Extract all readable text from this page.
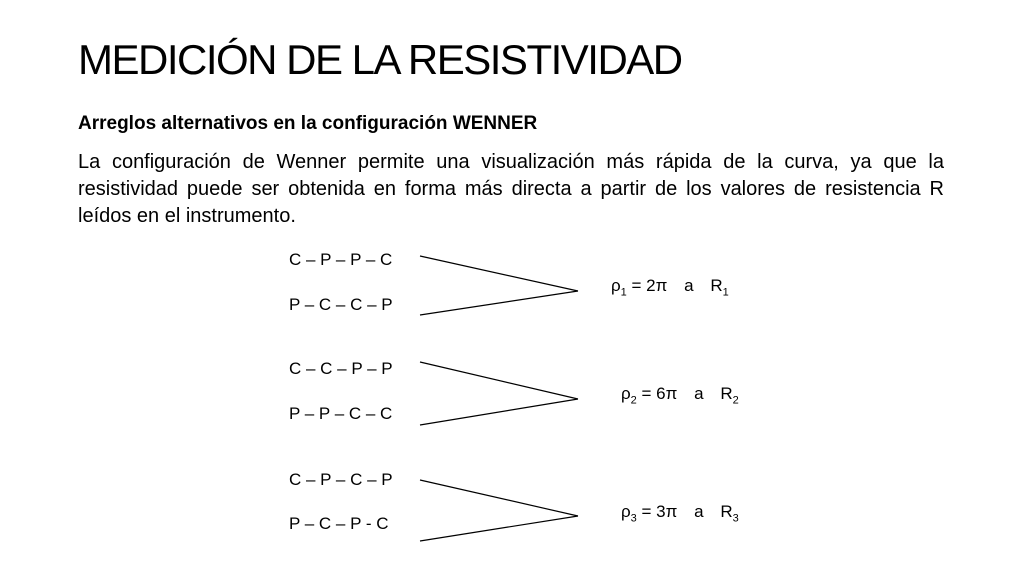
MEDICIÓN DE LA RESISTIVIDAD
Arreglos alternativos en la configuración WENNER

La configuración de Wenner permite una visualización más rápida de la curva, ya que la resistividad puede ser obtenida en forma más directa a partir de los valores de resistencia R leídos en el instrumento.

C – P – P – C
P – C – C – P
$\rho_1 = 2\pi$ a $R_1$
C – C – P – P
P – P – C – C
$\rho_2 = 6\pi$ a $R_2$
C – P – C – P
P – C – P - C
$\rho_3 = 3\pi$ a $R_3$
